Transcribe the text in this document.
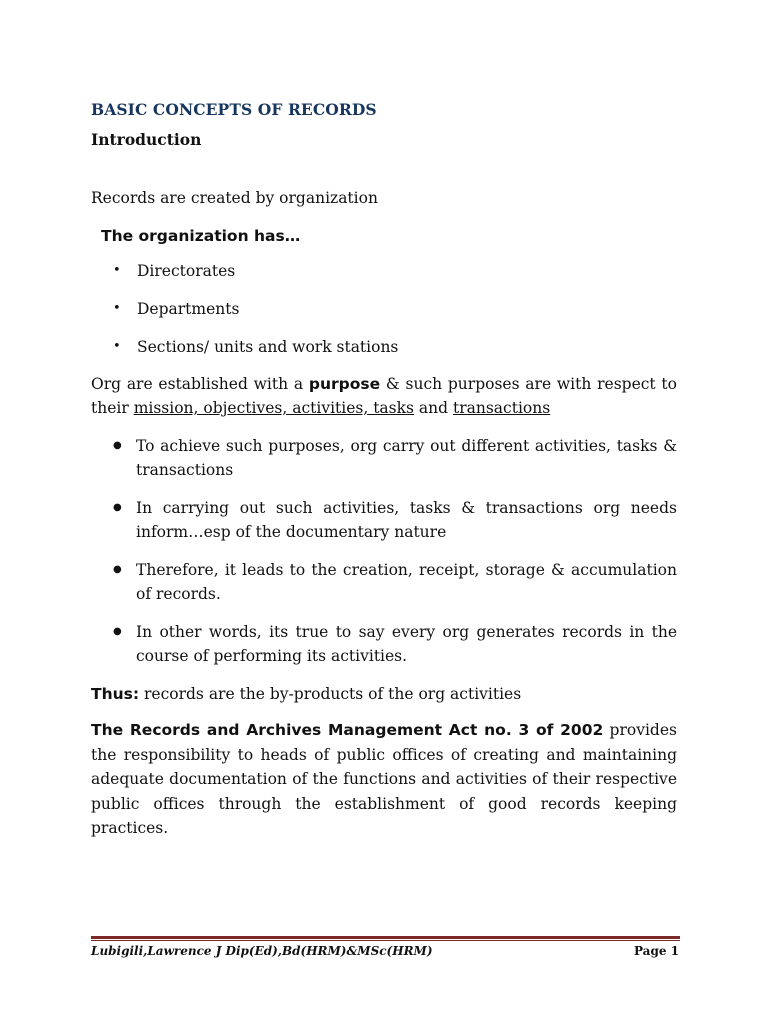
BASIC CONCEPTS OF RECORDS
Introduction

Records are created by organization

The organization has…

• Directorates
• Departments
• Sections/ units and work stations

Org are established with a purpose & such purposes are with respect to their mission, objectives, activities, tasks and transactions

● To achieve such purposes, org carry out different activities, tasks & transactions
● In carrying out such activities, tasks & transactions org needs inform…esp of the documentary nature
● Therefore, it leads to the creation, receipt, storage & accumulation of records.
● In other words, its true to say every org generates records in the course of performing its activities.

Thus: records are the by-products of the org activities

The Records and Archives Management Act no. 3 of 2002 provides the responsibility to heads of public offices of creating and maintaining adequate documentation of the functions and activities of their respective public offices through the establishment of good records keeping practices.

Lubigili,Lawrence J Dip(Ed),Bd(HRM)&MSc(HRM)	Page 1
